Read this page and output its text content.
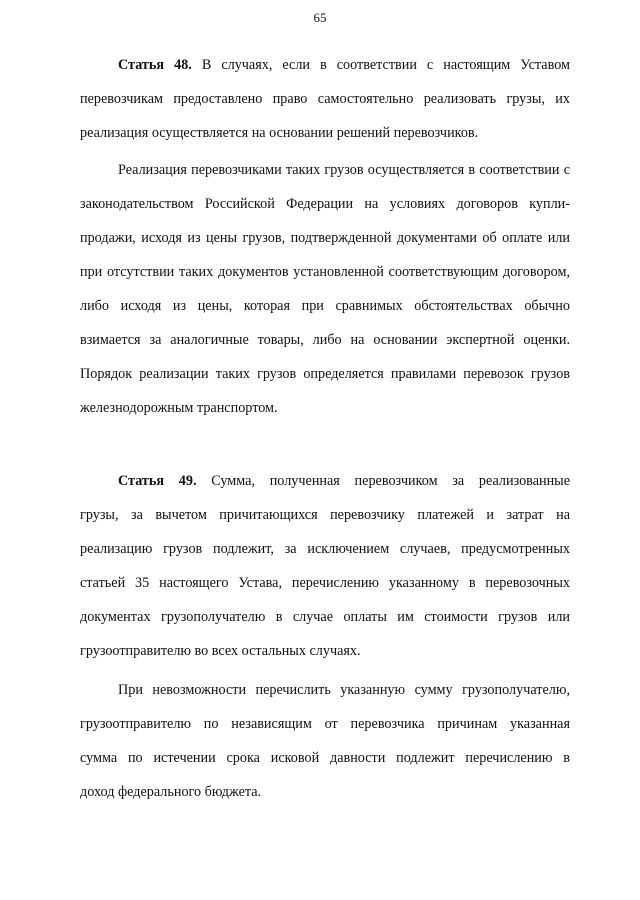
65
Статья 48. В случаях, если в соответствии с настоящим Уставом
перевозчикам предоставлено право самостоятельно реализовать грузы, их
реализация осуществляется на основании решений перевозчиков.
Реализация перевозчиками таких грузов осуществляется в соответствии с
законодательством Российской Федерации на условиях договоров купли-
продажи, исходя из цены грузов, подтвержденной документами об оплате или
при отсутствии таких документов установленной соответствующим договором,
либо исходя из цены, которая при сравнимых обстоятельствах обычно
взимается за аналогичные товары, либо на основании экспертной оценки.
Порядок реализации таких грузов определяется правилами перевозок грузов
железнодорожным транспортом.
Статья 49. Сумма, полученная перевозчиком за реализованные
грузы, за вычетом причитающихся перевозчику платежей и затрат на
реализацию грузов подлежит, за исключением случаев, предусмотренных
статьей 35 настоящего Устава, перечислению указанному в перевозочных
документах грузополучателю в случае оплаты им стоимости грузов или
грузоотправителю во всех остальных случаях.
При невозможности перечислить указанную сумму грузополучателю,
грузоотправителю по независящим от перевозчика причинам указанная
сумма по истечении срока исковой давности подлежит перечислению в
доход федерального бюджета.
